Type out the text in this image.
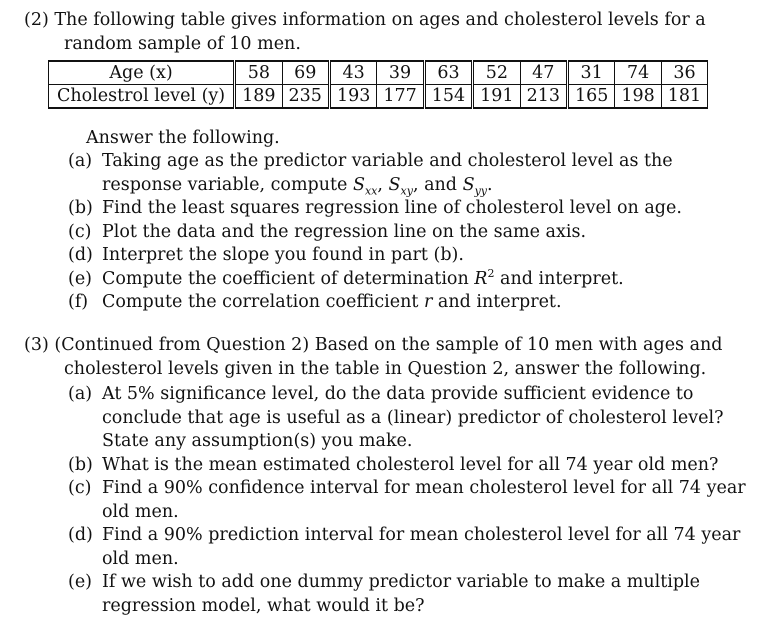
(2) The following table gives information on ages and cholesterol levels for a random sample of 10 men.

Age (x)	58	69	43	39	63	52	47	31	74	36
Cholestrol level (y)	189	235	193	177	154	191	213	165	198	181
Answer the following.

(a) Taking age as the predictor variable and cholesterol level as the response variable, compute $S_{xx}$, $S_{xy}$, and $S_{yy}$.

(b) Find the least squares regression line of cholesterol level on age.

(c) Plot the data and the regression line on the same axis.

(d) Interpret the slope you found in part (b).

(e) Compute the coefficient of determination $R^2$ and interpret.

(f) Compute the correlation coefficient r and interpret.

(3) (Continued from Question 2) Based on the sample of 10 men with ages and cholesterol levels given in the table in Question 2, answer the following.

(a) At 5% significance level, do the data provide sufficient evidence to conclude that age is useful as a (linear) predictor of cholesterol level? State any assumption(s) you make.

(b) What is the mean estimated cholesterol level for all 74 year old men?

(c) Find a 90% confidence interval for mean cholesterol level for all 74 year old men.

(d) Find a 90% prediction interval for mean cholesterol level for all 74 year old men.

(e) If we wish to add one dummy predictor variable to make a multiple regression model, what would it be?
